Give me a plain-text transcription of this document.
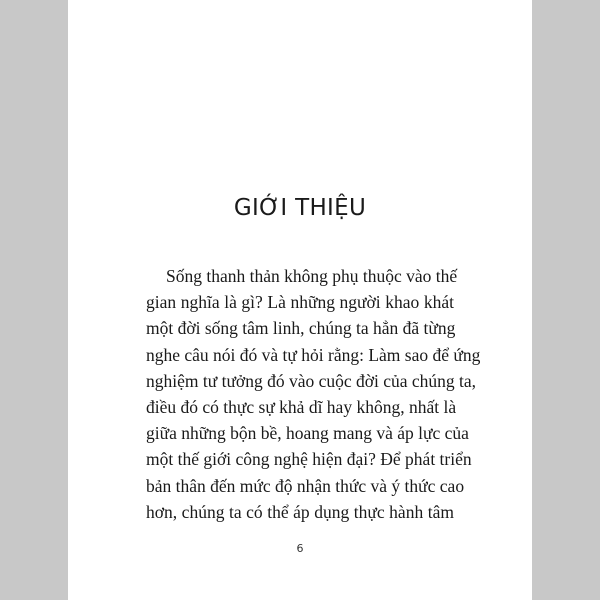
GIỚI THIỆU
Sống thanh thản không phụ thuộc vào thế
gian nghĩa là gì? Là những người khao khát
một đời sống tâm linh, chúng ta hẳn đã từng
nghe câu nói đó và tự hỏi rằng: Làm sao để ứng
nghiệm tư tưởng đó vào cuộc đời của chúng ta,
điều đó có thực sự khả dĩ hay không, nhất là
giữa những bộn bề, hoang mang và áp lực của
một thế giới công nghệ hiện đại? Để phát triển
bản thân đến mức độ nhận thức và ý thức cao
hơn, chúng ta có thể áp dụng thực hành tâm
6
